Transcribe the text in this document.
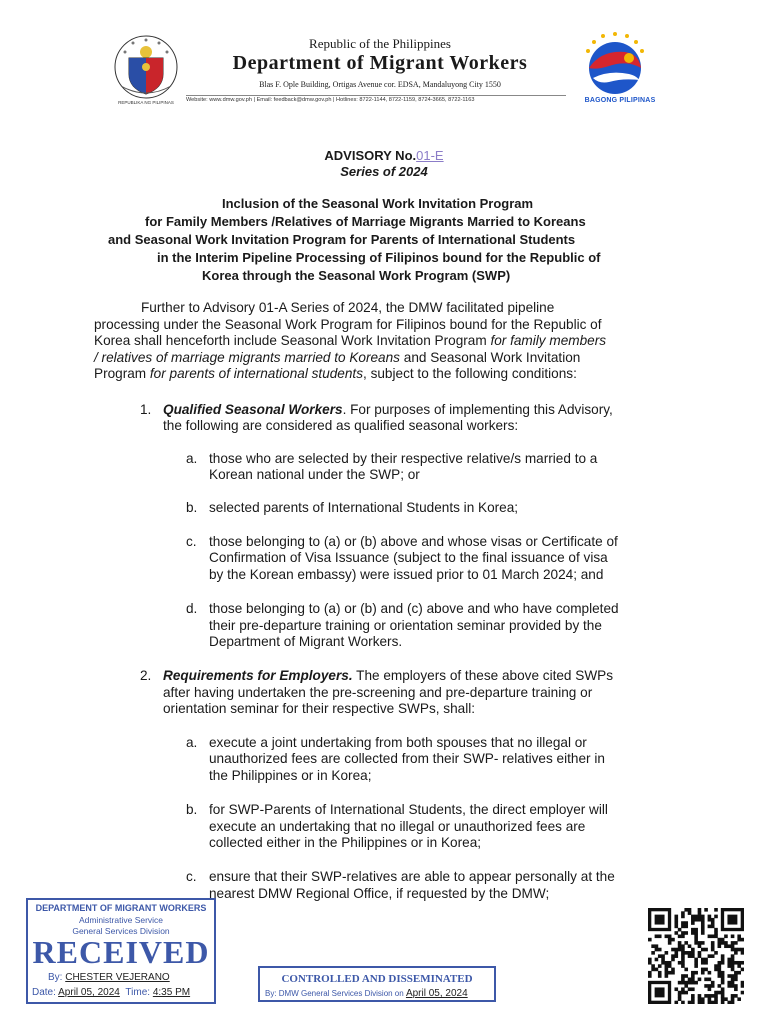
Republic of the Philippines
Department of Migrant Workers
Blas F. Ople Building, Ortigas Avenue cor. EDSA, Mandaluyong City 1550
Website: www.dmw.gov.ph | Email: feedback@dmw.gov.ph | Hotlines: 8722-1144, 8722-1159, 8724-3665, 8722-1163
REPUBLIKA NG PILIPINAS	BAGONG PILIPINAS
ADVISORY No.01-E
Series of 2024
Inclusion of the Seasonal Work Invitation Program
for Family Members /Relatives of Marriage Migrants Married to Koreans
and Seasonal Work Invitation Program for Parents of International Students
in the Interim Pipeline Processing of Filipinos bound for the Republic of
Korea through the Seasonal Work Program (SWP)
Further to Advisory 01-A Series of 2024, the DMW facilitated pipeline
processing under the Seasonal Work Program for Filipinos bound for the Republic of
Korea shall henceforth include Seasonal Work Invitation Program for family members
/ relatives of marriage migrants married to Koreans and Seasonal Work Invitation
Program for parents of international students, subject to the following conditions:
1. Qualified Seasonal Workers. For purposes of implementing this Advisory,
the following are considered as qualified seasonal workers:
a. those who are selected by their respective relative/s married to a
Korean national under the SWP; or
b. selected parents of International Students in Korea;
c. those belonging to (a) or (b) above and whose visas or Certificate of
Confirmation of Visa Issuance (subject to the final issuance of visa
by the Korean embassy) were issued prior to 01 March 2024; and
d. those belonging to (a) or (b) and (c) above and who have completed
their pre-departure training or orientation seminar provided by the
Department of Migrant Workers.
2. Requirements for Employers. The employers of these above cited SWPs
after having undertaken the pre-screening and pre-departure training or
orientation seminar for their respective SWPs, shall:
a. execute a joint undertaking from both spouses that no illegal or
unauthorized fees are collected from their SWP- relatives either in
the Philippines or in Korea;
b. for SWP-Parents of International Students, the direct employer will
execute an undertaking that no illegal or unauthorized fees are
collected either in the Philippines or in Korea;
c. ensure that their SWP-relatives are able to appear personally at the
nearest DMW Regional Office, if requested by the DMW;
DEPARTMENT OF MIGRANT WORKERS
Administrative Service
General Services Division
RECEIVED
By: CHESTER VEJERANO
Date: April 05, 2024 Time: 4:35 PM
CONTROLLED AND DISSEMINATED
By: DMW General Services Division on April 05, 2024
